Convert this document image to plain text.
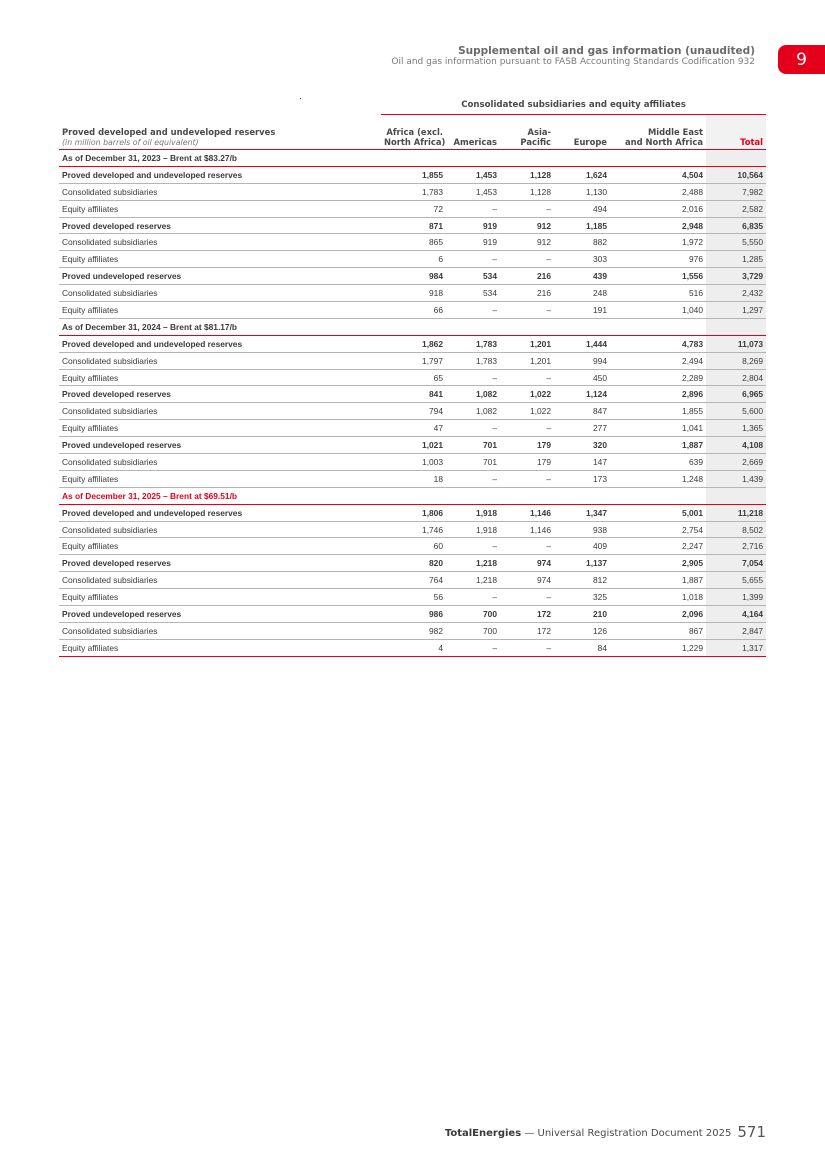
Supplemental oil and gas information (unaudited)
Oil and gas information pursuant to FASB Accounting Standards Codification 932	9
	Consolidated subsidiaries and equity affiliates					
Proved developed and undeveloped reserves
(in million barrels of oil equivalent)	Africa (excl.
North Africa)	Americas	Asia-
Pacific	Europe	Middle East
and North Africa	Total
As of December 31, 2023 – Brent at $83.27/b						
Proved developed and undeveloped reserves	1,855	1,453	1,128	1,624	4,504	10,564
Consolidated subsidiaries	1,783	1,453	1,128	1,130	2,488	7,982
Equity affiliates	72	–	–	494	2,016	2,582
Proved developed reserves	871	919	912	1,185	2,948	6,835
Consolidated subsidiaries	865	919	912	882	1,972	5,550
Equity affiliates	6	–	–	303	976	1,285
Proved undeveloped reserves	984	534	216	439	1,556	3,729
Consolidated subsidiaries	918	534	216	248	516	2,432
Equity affiliates	66	–	–	191	1,040	1,297
As of December 31, 2024 – Brent at $81.17/b						
Proved developed and undeveloped reserves	1,862	1,783	1,201	1,444	4,783	11,073
Consolidated subsidiaries	1,797	1,783	1,201	994	2,494	8,269
Equity affiliates	65	–	–	450	2,289	2,804
Proved developed reserves	841	1,082	1,022	1,124	2,896	6,965
Consolidated subsidiaries	794	1,082	1,022	847	1,855	5,600
Equity affiliates	47	–	–	277	1,041	1,365
Proved undeveloped reserves	1,021	701	179	320	1,887	4,108
Consolidated subsidiaries	1,003	701	179	147	639	2,669
Equity affiliates	18	–	–	173	1,248	1,439
As of December 31, 2025 – Brent at $69.51/b						
Proved developed and undeveloped reserves	1,806	1,918	1,146	1,347	5,001	11,218
Consolidated subsidiaries	1,746	1,918	1,146	938	2,754	8,502
Equity affiliates	60	–	–	409	2,247	2,716
Proved developed reserves	820	1,218	974	1,137	2,905	7,054
Consolidated subsidiaries	764	1,218	974	812	1,887	5,655
Equity affiliates	56	–	–	325	1,018	1,399
Proved undeveloped reserves	986	700	172	210	2,096	4,164
Consolidated subsidiaries	982	700	172	126	867	2,847
Equity affiliates	4	–	–	84	1,229	1,317
TotalEnergies — Universal Registration Document 2025 571
